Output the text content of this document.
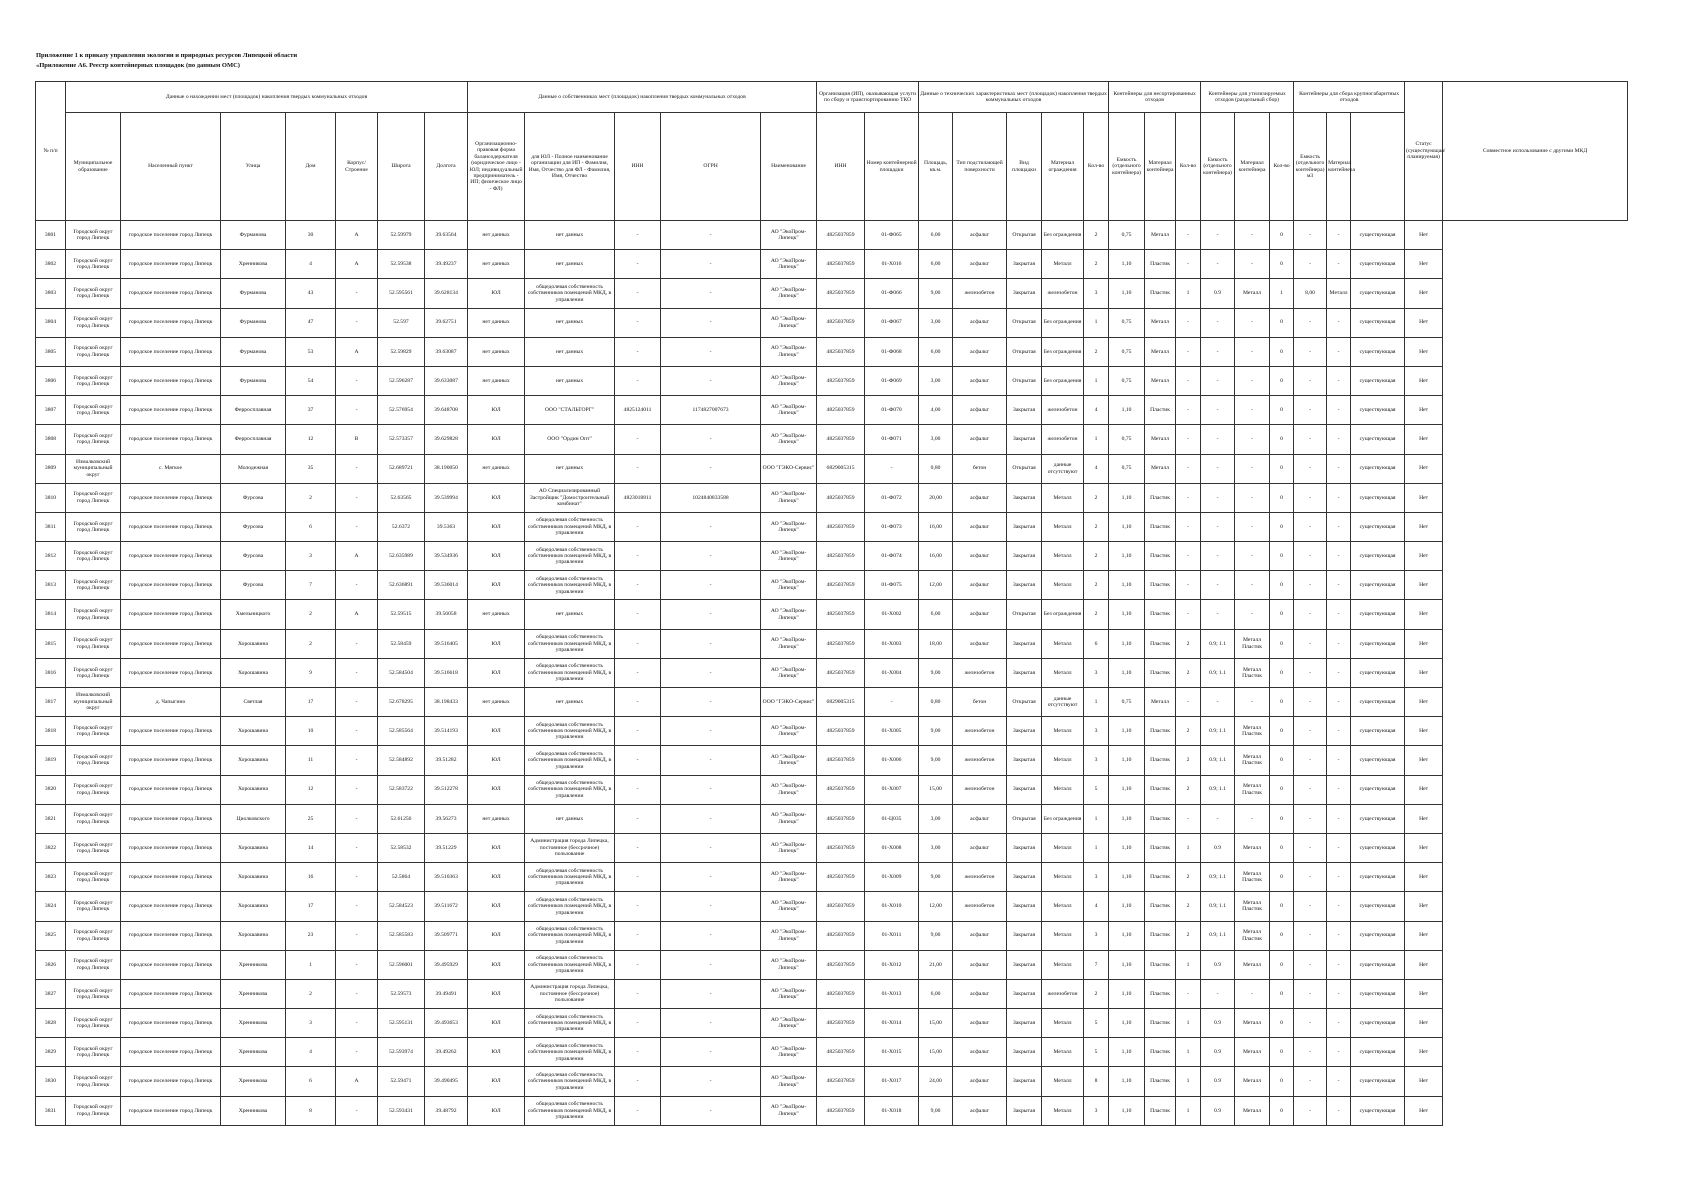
Приложение 1 к приказу управления экологии и природных ресурсов Липецкой области
«Приложение А6. Реестр контейнерных площадок (по данным ОМС)
№ п/п	Данные о нахождении мест (площадок) накопления твердых коммунальных отходов							Данные о собственниках мест (площадок) накопления твердых коммунальных отходов					Организация (ИП), оказывающая услуги по сбору и транспортированию ТКО		Данные о технических характеристиках мест (площадок) накопления твердых коммунальных отходов					Контейнеры для несортированных отходов			Контейнеры для утилизируемых отходов (раздельный сбор)			Контейнеры для сбора крупногабаритных отходов			Статус (существующая/планируемая)	Совместное использование с другими МКД
	Муниципальное образование	Населенный пункт	Улица	Дом	Корпус/Строение	Широта	Долгота	Организационно-правовая форма балансодержателя (юридическое лицо - ЮЛ; индивидуальный предприниматель - ИП; физическое лицо - ФЛ)	для ЮЛ - Полное наименование организации для ИП - Фамилия, Имя, Отчество для ФЛ - Фамилия, Имя, Отчество	ИНН	ОГРН	Наименование	ИНН	Номер контейнерной площадки	Площадь, кв.м.	Тип подстилающей поверхности	Вид площадки	Материал ограждения	Кол-во	Емкость (отдельного контейнера)	Материал контейнера	Кол-во	Емкость (отдельного контейнера)	Материал контейнера	Кол-во	Емкость (отдельного контейнера) м3	Материал контейнера			

3801	Городской округ город Липецк	городское поселение город Липецк	Фурманова	30	А	52.59979	39.63564	нет данных	нет данных	-	-	АО "ЭкоПром-Липецк"	4825037859	01-Ф065	6,00	асфальт	Открытая	Без ограждения	2	0,75	Металл	-	-	-	0	-	-	существующая	Нет	

3802	Городской округ город Липецк	городское поселение город Липецк	Хренникова	4	А	52.59538	39.49237	нет данных	нет данных	-	-	АО "ЭкоПром-Липецк"	4825037859	01-Х016	6,00	асфальт	Закрытая	Металл	2	1,10	Пластик	-	-	-	0	-	-	существующая	Нет	

3803	Городской округ город Липецк	городское поселение город Липецк	Фурманова	43	-	52.595561	39.628134	ЮЛ	общедолевая собственность собственников помещений МКД, в управлении	-	-	АО "ЭкоПром-Липецк"	4825037859	01-Ф066	9,00	железобетон	Закрытая	железобетон	3	1,10	Пластик	1	0.9	Металл	1	8,00	Металл	существующая	Нет	

3804	Городской округ город Липецк	городское поселение город Липецк	Фурманова	47	-	52.597	39.62751	нет данных	нет данных	-	-	АО "ЭкоПром-Липецк"	4825037859	01-Ф067	3,00	асфальт	Открытая	Без ограждения	1	0,75	Металл	-	-	-	0	-	-	существующая	Нет	

3805	Городской округ город Липецк	городское поселение город Липецк	Фурманова	53	А	52.59829	39.63087	нет данных	нет данных	-	-	АО "ЭкоПром-Липецк"	4825037859	01-Ф068	6,00	асфальт	Открытая	Без ограждения	2	0,75	Металл	-	-	-	0	-	-	существующая	Нет	

3806	Городской округ город Липецк	городское поселение город Липецк	Фурманова	54	-	52.596287	39.633087	нет данных	нет данных	-	-	АО "ЭкоПром-Липецк"	4825037859	01-Ф069	3,00	асфальт	Открытая	Без ограждения	1	0,75	Металл	-	-	-	0	-	-	существующая	Нет	

3807	Городской округ город Липецк	городское поселение город Липецк	Ферросплавная	37	-	52.576954	39.648708	ЮЛ	ООО "СТАЛЬТОРГ"	4825124011	1174827007673	АО "ЭкоПром-Липецк"	4825037859	01-Ф070	4,00	асфальт	Закрытая	железобетон	4	1,10	Пластик	-	-	-	0	-	-	существующая	Нет	

3808	Городской округ город Липецк	городское поселение город Липецк	Ферросплавная	12	В	52.573357	39.629828	ЮЛ	ООО "Ордин Опт"	-	-	АО "ЭкоПром-Липецк"	4825037859	01-Ф071	3,00	асфальт	Закрытая	железобетон	1	0,75	Металл	-	-	-	0	-	-	существующая	Нет	

3809	Измалковский муниципальный округ	с. Мягкое	Молодежная	35	-	52.689721	38.190050	нет данных	нет данных	-	-	ООО "ГЭКО-Сервис"	6829005315	-	0,80	бетон	Открытая	данные отсутствуют	4	0,75	Металл	-	-	-	0	-	-	существующая	Нет	

3810	Городской округ город Липецк	городское поселение город Липецк	Фурсова	2	-	52.63565	39.539994	ЮЛ	АО Специализированный Застройщик "Домостроительный комбинат"	4823018811	1024840833588	АО "ЭкоПром-Липецк"	4825037859	01-Ф072	20,00	асфальт	Закрытая	Металл	2	1,10	Пластик	-	-	-	0	-	-	существующая	Нет	

3811	Городской округ город Липецк	городское поселение город Липецк	Фурсова	6	-	52.6372	39.5363	ЮЛ	общедолевая собственность собственников помещений МКД, в управлении	-	-	АО "ЭкоПром-Липецк"	4825037859	01-Ф073	16,00	асфальт	Закрытая	Металл	2	1,10	Пластик	-	-	-	0	-	-	существующая	Нет	

3812	Городской округ город Липецк	городское поселение город Липецк	Фурсова	3	А	52.635989	39.534936	ЮЛ	общедолевая собственность собственников помещений МКД, в управлении	-	-	АО "ЭкоПром-Липецк"	4825037859	01-Ф074	16,00	асфальт	Закрытая	Металл	2	1,10	Пластик	-	-	-	0	-	-	существующая	Нет	

3813	Городской округ город Липецк	городское поселение город Липецк	Фурсова	7	-	52.636891	39.536014	ЮЛ	общедолевая собственность собственников помещений МКД, в управлении	-	-	АО "ЭкоПром-Липецк"	4825037859	01-Ф075	12,00	асфальт	Закрытая	Металл	2	1,10	Пластик	-	-	-	0	-	-	существующая	Нет	

3814	Городской округ город Липецк	городское поселение город Липецк	Хмельницкого	2	А	52.59515	39.56058	нет данных	нет данных	-	-	АО "ЭкоПром-Липецк"	4825037859	01-Х002	6,00	асфальт	Открытая	Без ограждения	2	1,10	Пластик	-	-	-	0	-	-	существующая	Нет	

3815	Городской округ город Липецк	городское поселение город Липецк	Хорошавина	2	-	52.58459	39.516405	ЮЛ	общедолевая собственность собственников помещений МКД, в управлении	-	-	АО "ЭкоПром-Липецк"	4825037859	01-Х003	18,00	асфальт	Закрытая	Металл	6	1,10	Пластик	2	0.9; 1.1	Металл Пластик	0	-	-	существующая	Нет	

3816	Городской округ город Липецк	городское поселение город Липецк	Хорошавина	9	-	52.584504	39.516618	ЮЛ	общедолевая собственность собственников помещений МКД, в управлении	-	-	АО "ЭкоПром-Липецк"	4825037859	01-Х004	9,00	железобетон	Закрытая	Металл	3	1,10	Пластик	2	0.9; 1.1	Металл Пластик	0	-	-	существующая	Нет	

3817	Измалковский муниципальный округ	д. Чапыгино	Светлая	17	-	52.678295	38.198433	нет данных	нет данных	-	-	ООО "ГЭКО-Сервис"	6829005315	-	0,80	бетон	Открытая	данные отсутствуют	1	0,75	Металл	-	-	-	0	-	-	существующая	Нет	

3818	Городской округ город Липецк	городское поселение город Липецк	Хорошавина	10	-	52.585564	39.514193	ЮЛ	общедолевая собственность собственников помещений МКД, в управлении	-	-	АО "ЭкоПром-Липецк"	4825037859	01-Х005	9,00	железобетон	Закрытая	Металл	3	1,10	Пластик	2	0.9; 1.1	Металл Пластик	0	-	-	существующая	Нет	

3819	Городской округ город Липецк	городское поселение город Липецк	Хорошавина	11	-	52.584892	39.51282	ЮЛ	общедолевая собственность собственников помещений МКД, в управлении	-	-	АО "ЭкоПром-Липецк"	4825037859	01-Х006	9,00	железобетон	Закрытая	Металл	3	1,10	Пластик	2	0.9; 1.1	Металл Пластик	0	-	-	существующая	Нет	

3820	Городской округ город Липецк	городское поселение город Липецк	Хорошавина	12	-	52.583722	39.512278	ЮЛ	общедолевая собственность собственников помещений МКД, в управлении	-	-	АО "ЭкоПром-Липецк"	4825037859	01-Х007	15,00	железобетон	Закрытая	Металл	5	1,10	Пластик	2	0.9; 1.1	Металл Пластик	0	-	-	существующая	Нет	

3821	Городской округ город Липецк	городское поселение город Липецк	Циолковского	25	-	52.61256	39.56273	нет данных	нет данных	-	-	АО "ЭкоПром-Липецк"	4825037859	01-Ц035	3,00	асфальт	Открытая	Без ограждения	1	1,10	Пластик	-	-	-	0	-	-	существующая	Нет	

3822	Городской округ город Липецк	городское поселение город Липецк	Хорошавина	14	-	52.58532	39.51229	ЮЛ	Администрация города Липецка, постоянное (бессрочное) пользование	-	-	АО "ЭкоПром-Липецк"	4825037859	01-Х008	3,00	асфальт	Закрытая	Металл	1	1,10	Пластик	1	0.9	Металл	0	-	-	существующая	Нет	

3823	Городской округ город Липецк	городское поселение город Липецк	Хорошавина	16	-	52.5864	39.510363	ЮЛ	общедолевая собственность собственников помещений МКД, в управлении	-	-	АО "ЭкоПром-Липецк"	4825037859	01-Х009	9,00	железобетон	Закрытая	Металл	3	1,10	Пластик	2	0.9; 1.1	Металл Пластик	0	-	-	существующая	Нет	

3824	Городской округ город Липецк	городское поселение город Липецк	Хорошавина	17	-	52.584523	39.511672	ЮЛ	общедолевая собственность собственников помещений МКД, в управлении	-	-	АО "ЭкоПром-Липецк"	4825037859	01-Х010	12,00	железобетон	Закрытая	Металл	4	1,10	Пластик	2	0.9; 1.1	Металл Пластик	0	-	-	существующая	Нет	

3825	Городской округ город Липецк	городское поселение город Липецк	Хорошавина	23	-	52.585583	39.509771	ЮЛ	общедолевая собственность собственников помещений МКД, в управлении	-	-	АО "ЭкоПром-Липецк"	4825037859	01-Х011	9,00	асфальт	Закрытая	Металл	3	1,10	Пластик	2	0.9; 1.1	Металл Пластик	0	-	-	существующая	Нет	

3826	Городской округ город Липецк	городское поселение город Липецк	Хренникова	1	-	52.596001	39.495929	ЮЛ	общедолевая собственность собственников помещений МКД, в управлении	-	-	АО "ЭкоПром-Липецк"	4825037859	01-Х012	21,00	асфальт	Закрытая	Металл	7	1,10	Пластик	1	0.9	Металл	0	-	-	существующая	Нет	

3827	Городской округ город Липецк	городское поселение город Липецк	Хренникова	2	-	52.59573	39.49491	ЮЛ	Администрация города Липецка, постоянное (бессрочное) пользование	-	-	АО "ЭкоПром-Липецк"	4825037859	01-Х013	6,00	асфальт	Закрытая	железобетон	2	1,10	Пластик	-	-	-	0	-	-	существующая	Нет	

3828	Городской округ город Липецк	городское поселение город Липецк	Хренникова	3	-	52.595131	39.493653	ЮЛ	общедолевая собственность собственников помещений МКД, в управлении	-	-	АО "ЭкоПром-Липецк"	4825037859	01-Х014	15,00	асфальт	Закрытая	Металл	5	1,10	Пластик	1	0.9	Металл	0	-	-	существующая	Нет	

3829	Городской округ город Липецк	городское поселение город Липецк	Хренникова	4	-	52.593974	39.49262	ЮЛ	общедолевая собственность собственников помещений МКД, в управлении	-	-	АО "ЭкоПром-Липецк"	4825037859	01-Х015	15,00	асфальт	Закрытая	Металл	5	1,10	Пластик	1	0.9	Металл	0	-	-	существующая	Нет	

3830	Городской округ город Липецк	городское поселение город Липецк	Хренникова	6	А	52.59471	39.490495	ЮЛ	общедолевая собственность собственников помещений МКД, в управлении	-	-	АО "ЭкоПром-Липецк"	4825037859	01-Х017	24,00	асфальт	Закрытая	Металл	8	1,10	Пластик	1	0.9	Металл	0	-	-	существующая	Нет	

3831	Городской округ город Липецк	городское поселение город Липецк	Хренникова	8	-	52.593431	39.48792	ЮЛ	общедолевая собственность собственников помещений МКД, в управлении	-	-	АО "ЭкоПром-Липецк"	4825037859	01-Х018	9,00	асфальт	Закрытая	Металл	3	1,10	Пластик	1	0.9	Металл	0	-	-	существующая	Нет	
